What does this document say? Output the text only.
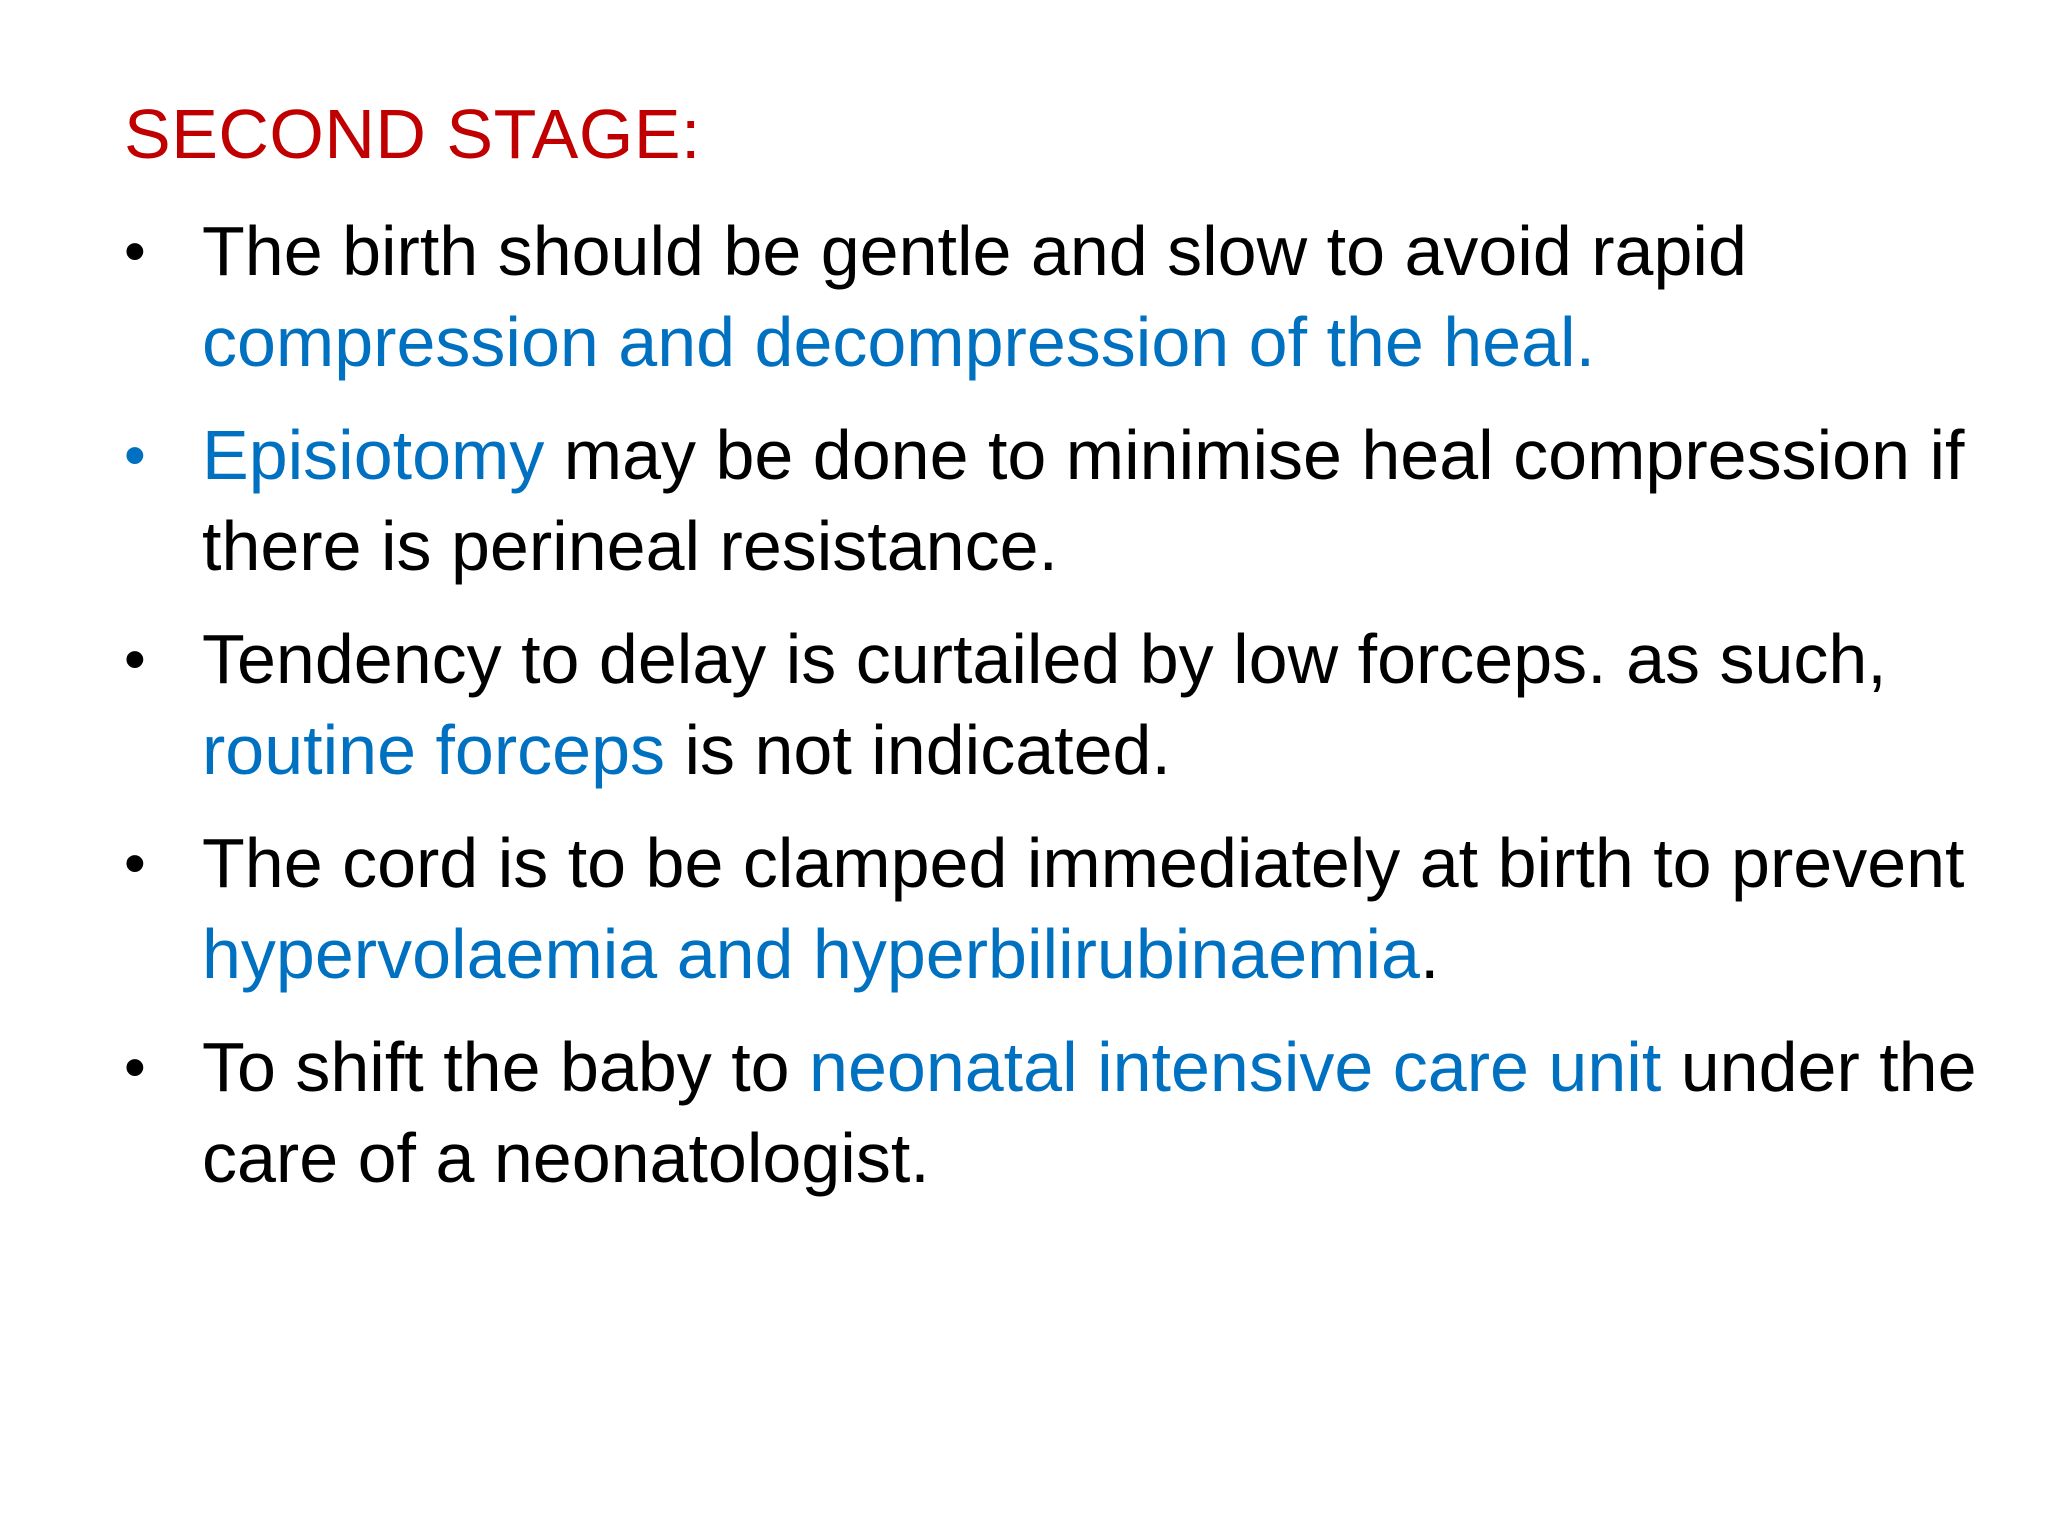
SECOND STAGE:
• The birth should be gentle and slow to avoid rapid compression and decompression of the heal.
• Episiotomy may be done to minimise heal compression if there is perineal resistance.
• Tendency to delay is curtailed by low forceps. as such, routine forceps is not indicated.
• The cord is to be clamped immediately at birth to prevent hypervolaemia and hyperbilirubinaemia.
• To shift the baby to neonatal intensive care unit under the care of a neonatologist.
